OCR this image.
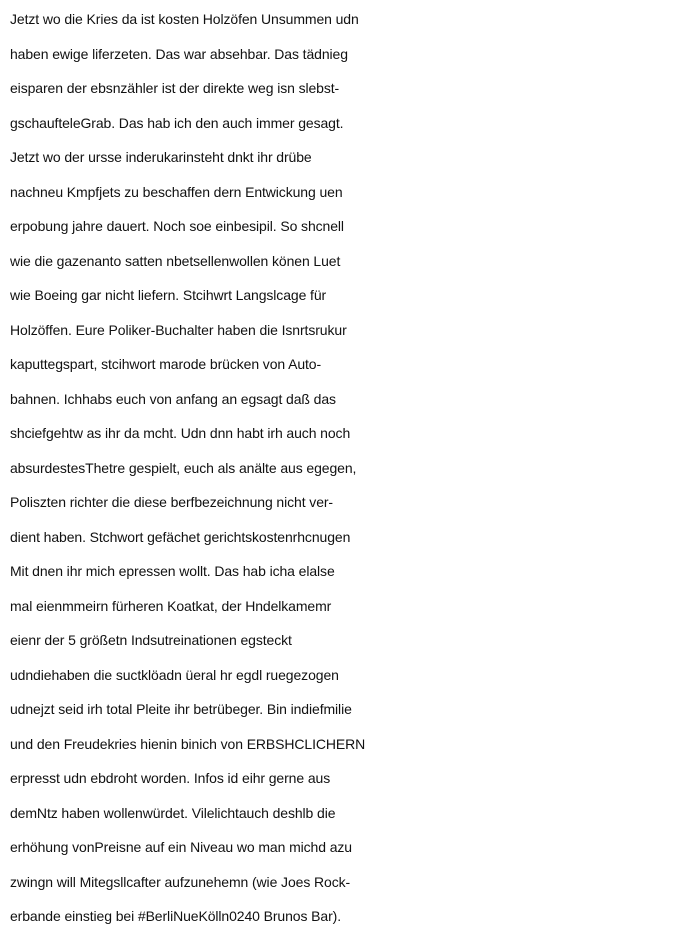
Jetzt wo die Kries da ist kosten Holzöfen Unsummen udn
haben ewige liferzeten. Das war absehbar. Das tädnieg
eisparen der ebsnzähler ist der direkte weg isn slebst-
gschaufteleGrab. Das hab ich den auch immer gesagt.
Jetzt wo der ursse inderukarinsteht dnkt ihr drübe
nachneu Kmpfjets zu beschaffen dern Entwickung uen
erpobung jahre dauert. Noch soe einbesipil. So shcnell
wie die gazenanto satten nbetsellenwollen könen Luet
wie Boeing gar nicht liefern. Stcihwrt Langslcage für
Holzöffen. Eure Poliker-Buchalter haben die Isnrtsrukur
kaputtegspart, stcihwort marode brücken von Auto-
bahnen. Ichhabs euch von anfang an egsagt daß das
shciefgehtw as ihr da mcht. Udn dnn habt irh auch noch
absurdestesThetre gespielt, euch als anälte aus egegen,
Poliszten richter die diese berfbezeichnung nicht ver-
dient haben. Stchwort gefächet gerichtskostenrhcnugen
Mit dnen ihr mich epressen wollt. Das hab icha elalse
mal eienmmeirn fürheren Koatkat, der Hndelkamemr
eienr der 5 größetn Indsutreinationen egsteckt
udndiehaben die suctklöadn üeral hr egdl ruegezogen
udnejzt seid irh total Pleite ihr betrübeger. Bin indiefmilie
und den Freudekries hienin binich von ERBSHCLICHERN
erpresst udn ebdroht worden. Infos id eihr gerne aus
demNtz haben wollenwürdet. Vilelichtauch deshlb die
erhöhung vonPreisne auf ein Niveau wo man michd azu
zwingn will Mitegsllcafter aufzunehemn (wie Joes Rock-
erbande einstieg bei #BerliNueKölln0240 Brunos Bar).
